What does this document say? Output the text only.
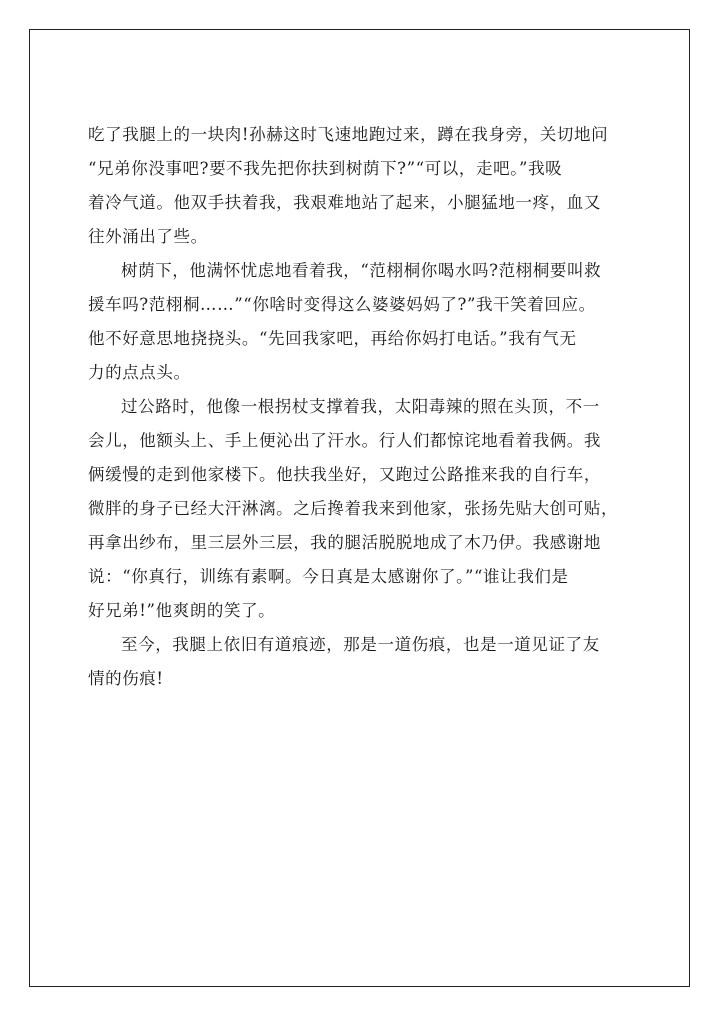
吃了我腿上的一块肉!孙赫这时飞速地跑过来，蹲在我身旁，关切地问
“兄弟你没事吧?要不我先把你扶到树荫下?”“可以，走吧。”我吸
着冷气道。他双手扶着我，我艰难地站了起来，小腿猛地一疼，血又
往外涌出了些。
树荫下，他满怀忧虑地看着我，“范栩桐你喝水吗?范栩桐要叫救
援车吗?范栩桐……”“你啥时变得这么婆婆妈妈了?”我干笑着回应。
他不好意思地挠挠头。“先回我家吧，再给你妈打电话。”我有气无
力的点点头。
过公路时，他像一根拐杖支撑着我，太阳毒辣的照在头顶，不一
会儿，他额头上、手上便沁出了汗水。行人们都惊诧地看着我俩。我
俩缓慢的走到他家楼下。他扶我坐好，又跑过公路推来我的自行车，
微胖的身子已经大汗淋漓。之后搀着我来到他家，张扬先贴大创可贴，
再拿出纱布，里三层外三层，我的腿活脱脱地成了木乃伊。我感谢地
说：“你真行，训练有素啊。今日真是太感谢你了。”“谁让我们是
好兄弟!”他爽朗的笑了。
至今，我腿上依旧有道痕迹，那是一道伤痕，也是一道见证了友
情的伤痕!
